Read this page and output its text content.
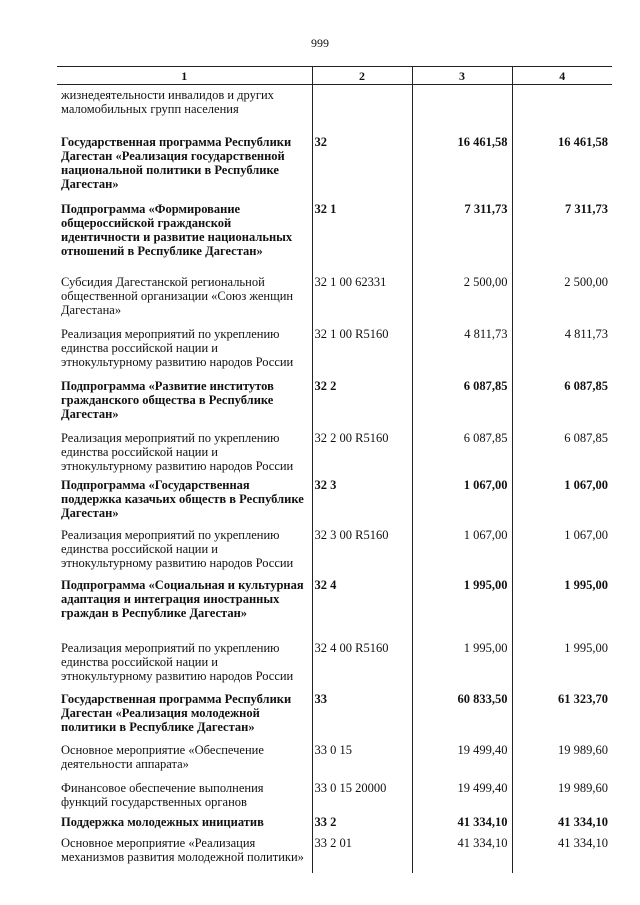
999
1	2	3	4
жизнедеятельности инвалидов и других маломобильных групп населения			
Государственная программа Республики Дагестан «Реализация государственной национальной политики в Республике Дагестан»	32	16 461,58	16 461,58
Подпрограмма «Формирование общероссийской гражданской идентичности и развитие национальных отношений в Республике Дагестан»	32 1	7 311,73	7 311,73
Субсидия Дагестанской региональной общественной организации «Союз женщин Дагестана»	32 1 00 62331	2 500,00	2 500,00
Реализация мероприятий по укреплению единства российской нации и этнокультурному развитию народов России	32 1 00 R5160	4 811,73	4 811,73
Подпрограмма «Развитие институтов гражданского общества в Республике Дагестан»	32 2	6 087,85	6 087,85
Реализация мероприятий по укреплению единства российской нации и этнокультурному развитию народов России	32 2 00 R5160	6 087,85	6 087,85
Подпрограмма «Государственная поддержка казачьих обществ в Республике Дагестан»	32 3	1 067,00	1 067,00
Реализация мероприятий по укреплению единства российской нации и этнокультурному развитию народов России	32 3 00 R5160	1 067,00	1 067,00
Подпрограмма «Социальная и культурная адаптация и интеграция иностранных граждан в Республике Дагестан»	32 4	1 995,00	1 995,00
Реализация мероприятий по укреплению единства российской нации и этнокультурному развитию народов России	32 4 00 R5160	1 995,00	1 995,00
Государственная программа Республики Дагестан «Реализация молодежной политики в Республике Дагестан»	33	60 833,50	61 323,70
Основное мероприятие «Обеспечение деятельности аппарата»	33 0 15	19 499,40	19 989,60
Финансовое обеспечение выполнения функций государственных органов	33 0 15 20000	19 499,40	19 989,60
Поддержка молодежных инициатив	33 2	41 334,10	41 334,10
Основное мероприятие «Реализация механизмов развития молодежной политики»	33 2 01	41 334,10	41 334,10
